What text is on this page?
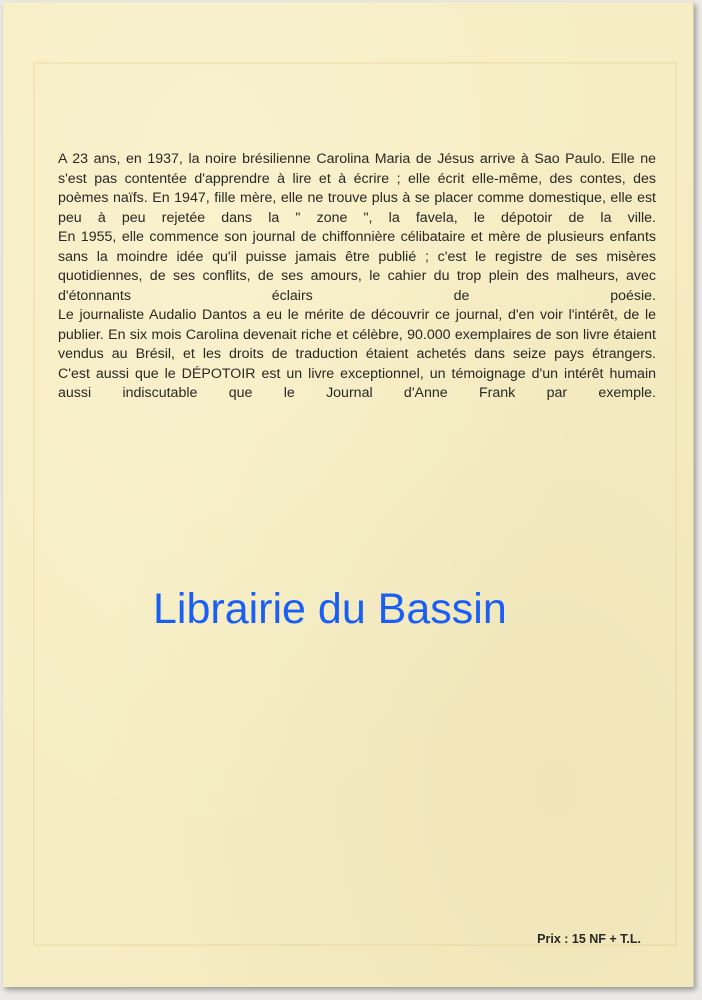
A 23 ans, en 1937, la noire brésilienne Carolina Maria de Jésus arrive à Sao Paulo. Elle ne s'est pas contentée d'apprendre à lire et à écrire ; elle écrit elle-même, des contes, des poèmes naïfs. En 1947, fille mère, elle ne trouve plus à se placer comme domestique, elle est peu à peu rejetée dans la " zone ", la favela, le dépotoir de la ville.

En 1955, elle commence son journal de chiffonnière célibataire et mère de plusieurs enfants sans la moindre idée qu'il puisse jamais être publié ; c'est le registre de ses misères quotidiennes, de ses conflits, de ses amours, le cahier du trop plein des malheurs, avec d'étonnants éclairs de poésie.

Le journaliste Audalio Dantos a eu le mérite de découvrir ce journal, d'en voir l'intérêt, de le publier. En six mois Carolina devenait riche et célèbre, 90.000 exemplaires de son livre étaient vendus au Brésil, et les droits de traduction étaient achetés dans seize pays étrangers.

C'est aussi que le DÉPOTOIR est un livre exceptionnel, un témoignage d'un intérêt humain aussi indiscutable que le Journal d'Anne Frank par exemple.

Prix : 15 NF + T.L.
Librairie du Bassin
